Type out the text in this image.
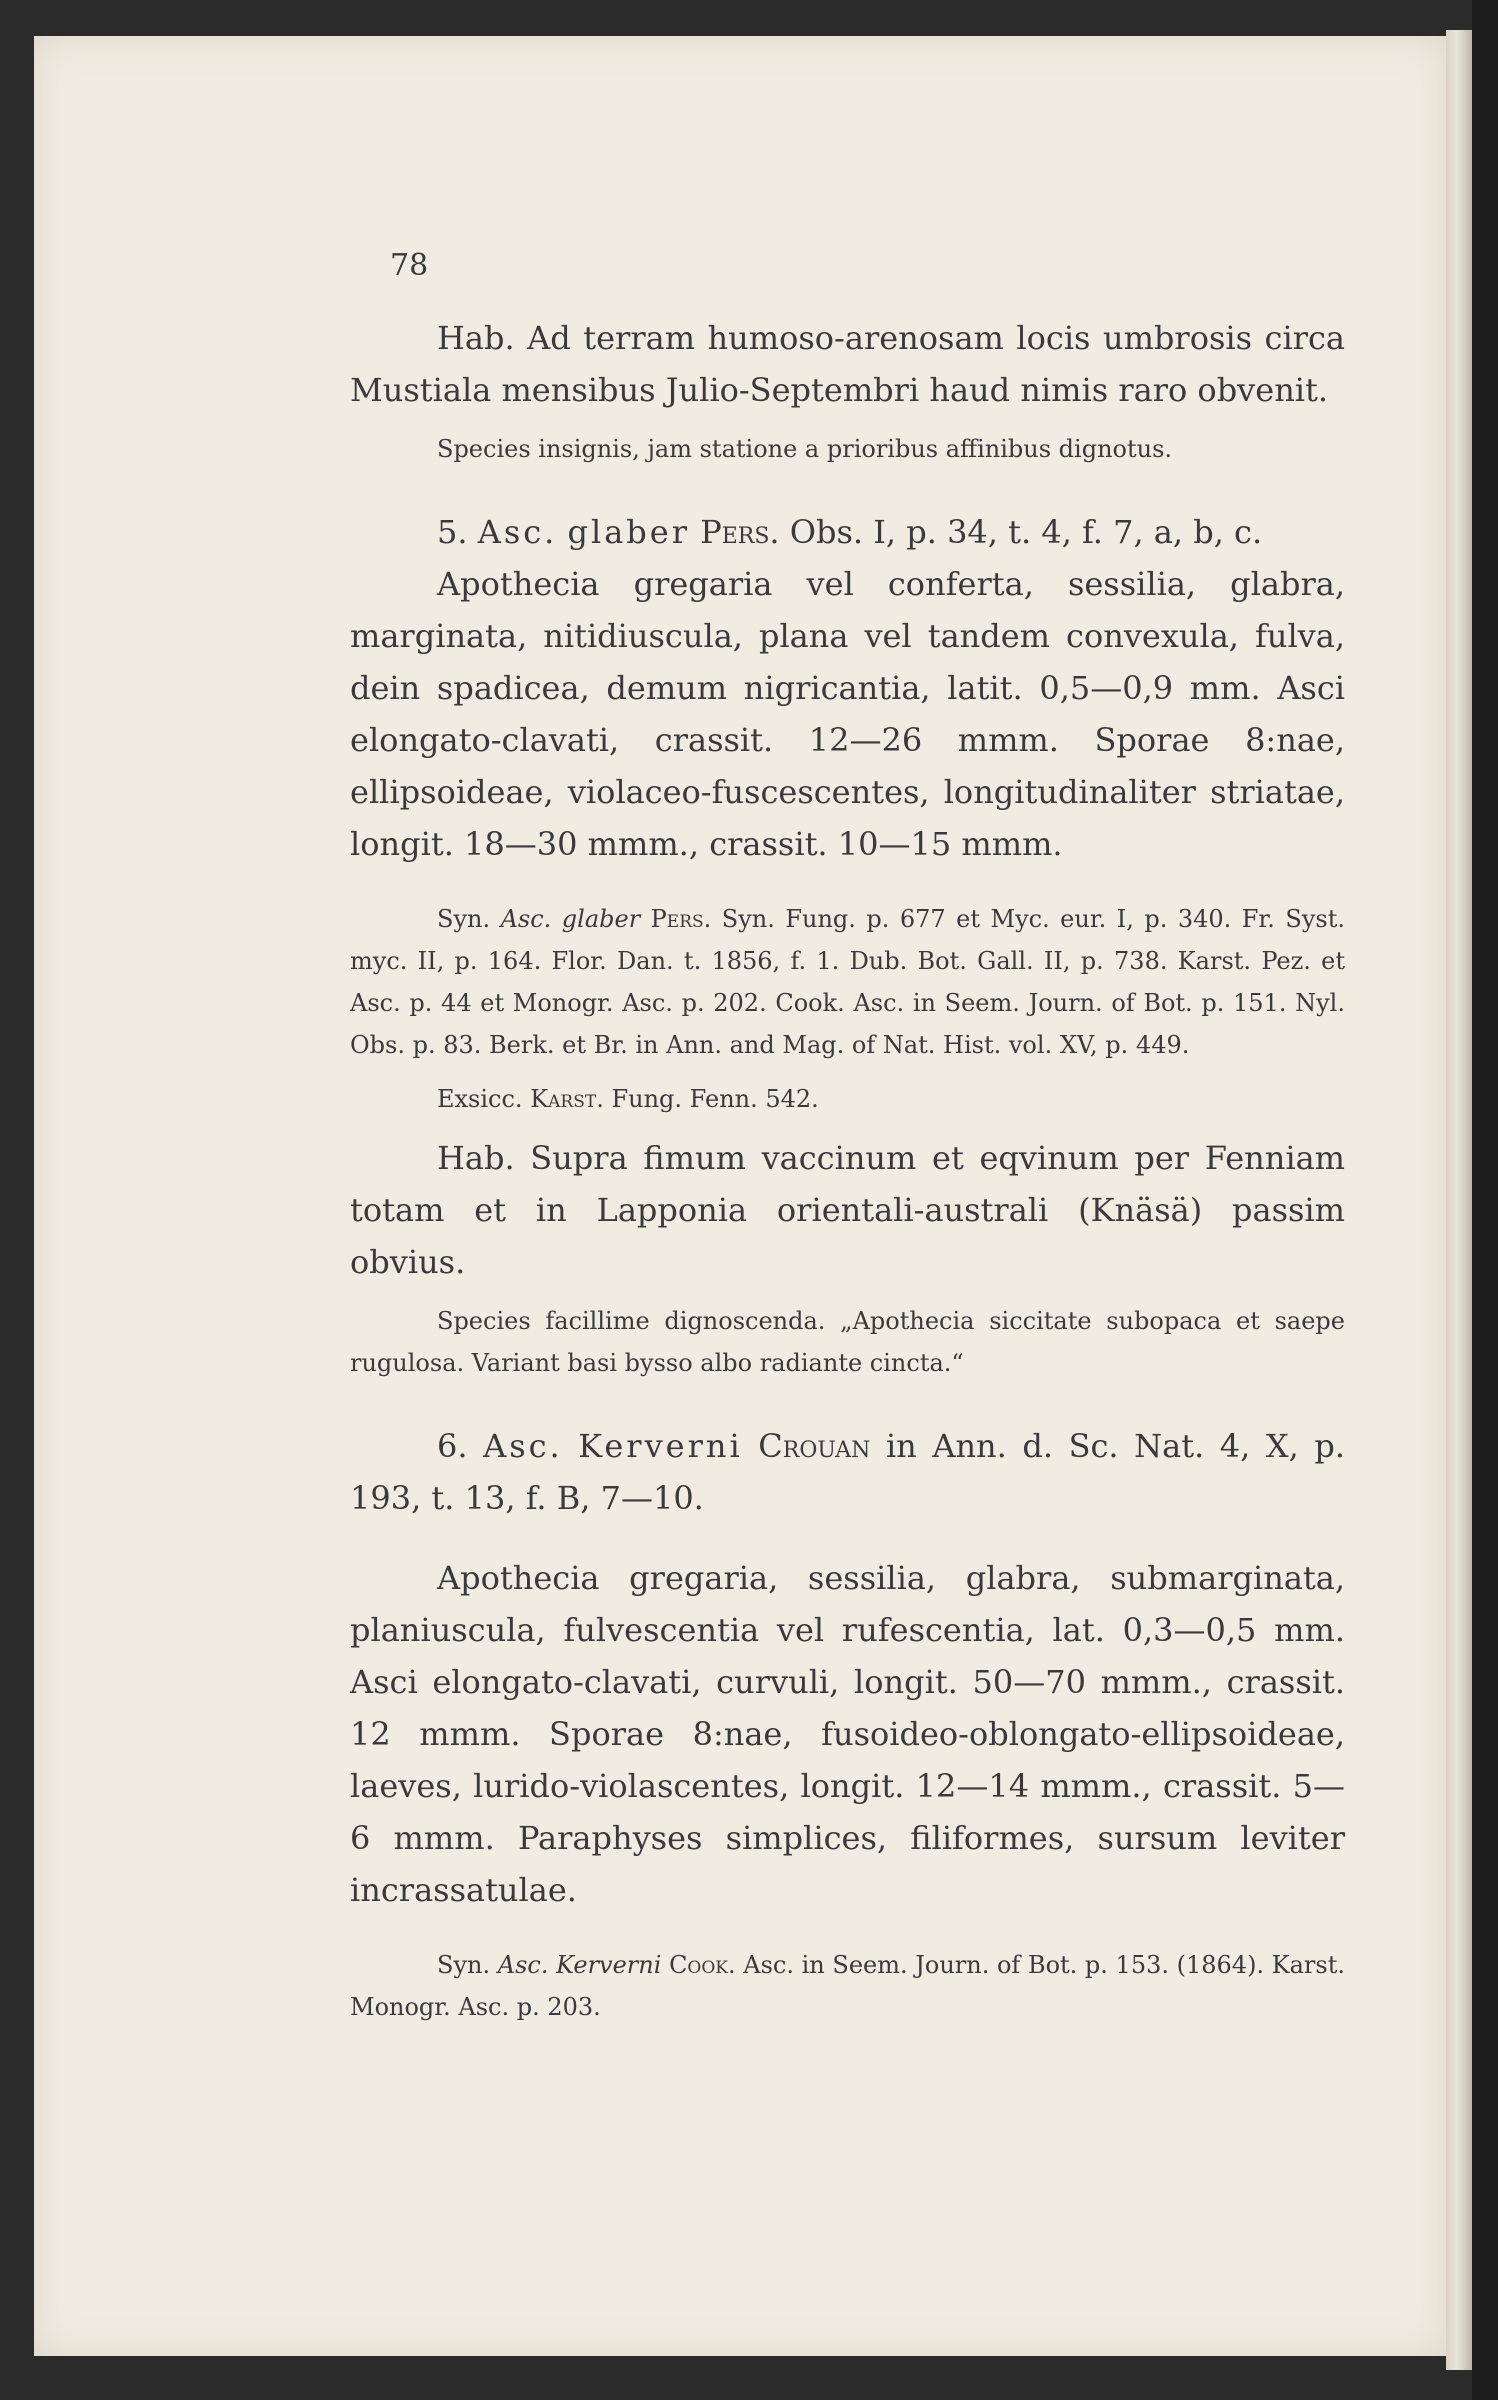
78

Hab. Ad terram humoso-arenosam locis umbrosis circa Mustiala mensibus Julio-Septembri haud nimis raro obvenit.

Species insignis, jam statione a prioribus affinibus dignotus.

5. Asc. glaber Pers. Obs. I, p. 34, t. 4, f. 7, a, b, c.

Apothecia gregaria vel conferta, sessilia, glabra, marginata, nitidiuscula, plana vel tandem convexula, fulva, dein spadicea, demum nigricantia, latit. 0,5—0,9 mm. Asci elongato-clavati, crassit. 12—26 mmm. Sporae 8:nae, ellipsoideae, violaceo-fuscescentes, longitudinaliter striatae, longit. 18—30 mmm., crassit. 10—15 mmm.

Syn. Asc. glaber Pers. Syn. Fung. p. 677 et Myc. eur. I, p. 340. Fr. Syst. myc. II, p. 164. Flor. Dan. t. 1856, f. 1. Dub. Bot. Gall. II, p. 738. Karst. Pez. et Asc. p. 44 et Monogr. Asc. p. 202. Cook. Asc. in Seem. Journ. of Bot. p. 151. Nyl. Obs. p. 83. Berk. et Br. in Ann. and Mag. of Nat. Hist. vol. XV, p. 449.

Exsicc. Karst. Fung. Fenn. 542.

Hab. Supra fimum vaccinum et eqvinum per Fenniam totam et in Lapponia orientali-australi (Knäsä) passim obvius.

Species facillime dignoscenda. „Apothecia siccitate subopaca et saepe rugulosa. Variant basi bysso albo radiante cincta.“

6. Asc. Kerverni Crouan in Ann. d. Sc. Nat. 4, X, p. 193, t. 13, f. B, 7—10.

Apothecia gregaria, sessilia, glabra, submarginata, planiuscula, fulvescentia vel rufescentia, lat. 0,3—0,5 mm. Asci elongato-clavati, curvuli, longit. 50—70 mmm., crassit. 12 mmm. Sporae 8:nae, fusoideo-oblongato-ellipsoideae, laeves, lurido-violascentes, longit. 12—14 mmm., crassit. 5—6 mmm. Paraphyses simplices, filiformes, sursum leviter incrassatulae.

Syn. Asc. Kerverni Cook. Asc. in Seem. Journ. of Bot. p. 153. (1864). Karst. Monogr. Asc. p. 203.
